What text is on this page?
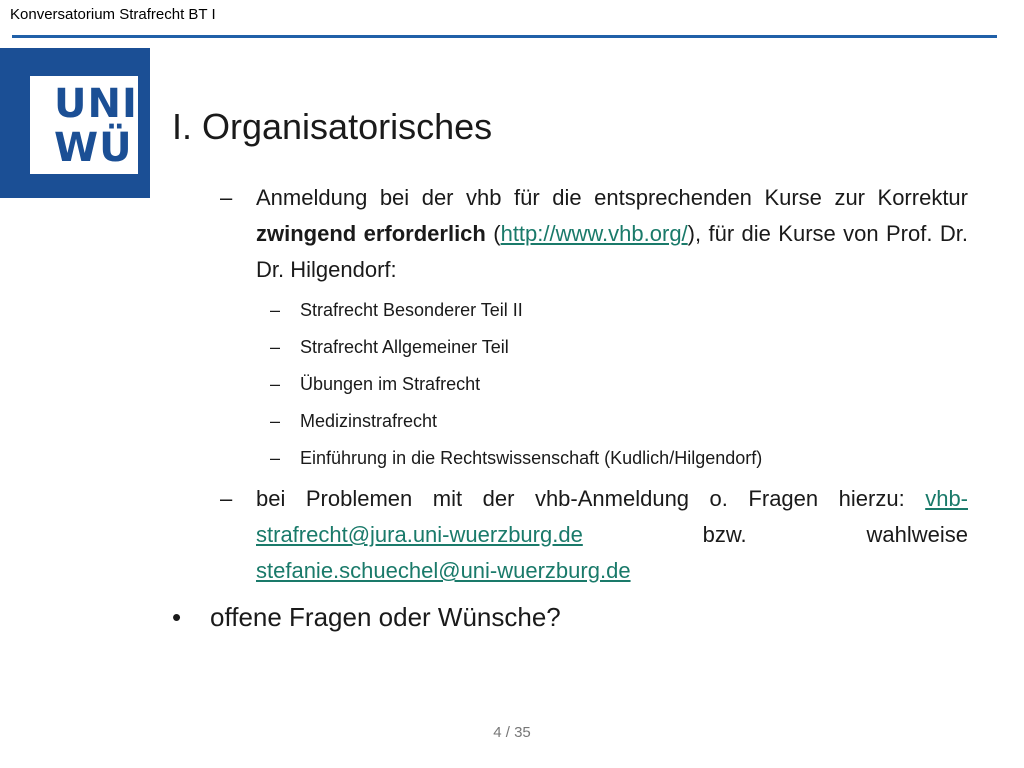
Konversatorium Strafrecht BT I
UNI
WÜ I. Organisatorisches
– Anmeldung bei der vhb für die entsprechenden Kurse zur Korrektur zwingend erforderlich (http://www.vhb.org/), für die Kurse von Prof. Dr. Dr. Hilgendorf:
– Strafrecht Besonderer Teil II
– Strafrecht Allgemeiner Teil
– Übungen im Strafrecht
– Medizinstrafrecht
– Einführung in die Rechtswissenschaft (Kudlich/Hilgendorf)
– bei Problemen mit der vhb-Anmeldung o. Fragen hierzu: vhb-strafrecht@jura.uni-wuerzburg.de bzw. wahlweise stefanie.schuechel@uni-wuerzburg.de
• offene Fragen oder Wünsche?
4 / 35
